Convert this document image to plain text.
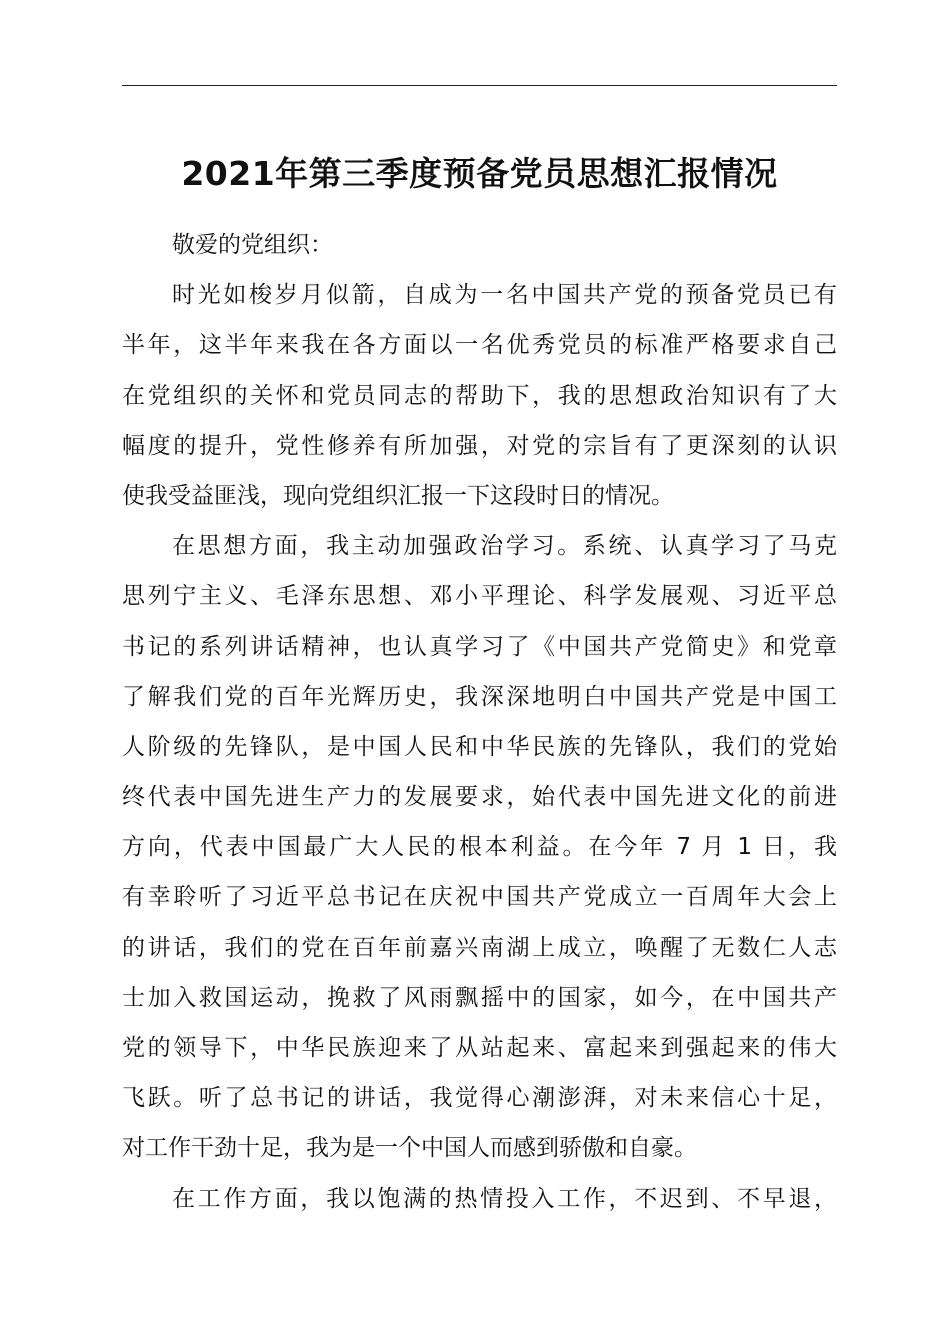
2021年第三季度预备党员思想汇报情况
敬爱的党组织：
时光如梭岁月似箭，自成为一名中国共产党的预备党员已有
半年，这半年来我在各方面以一名优秀党员的标准严格要求自己
在党组织的关怀和党员同志的帮助下，我的思想政治知识有了大
幅度的提升，党性修养有所加强，对党的宗旨有了更深刻的认识
使我受益匪浅，现向党组织汇报一下这段时日的情况。
在思想方面，我主动加强政治学习。系统、认真学习了马克
思列宁主义、毛泽东思想、邓小平理论、科学发展观、习近平总
书记的系列讲话精神，也认真学习了《中国共产党简史》和党章
了解我们党的百年光辉历史，我深深地明白中国共产党是中国工
人阶级的先锋队，是中国人民和中华民族的先锋队，我们的党始
终代表中国先进生产力的发展要求，始代表中国先进文化的前进
方向，代表中国最广大人民的根本利益。在今年 7 月 1 日，我
有幸聆听了习近平总书记在庆祝中国共产党成立一百周年大会上
的讲话，我们的党在百年前嘉兴南湖上成立，唤醒了无数仁人志
士加入救国运动，挽救了风雨飘摇中的国家，如今，在中国共产
党的领导下，中华民族迎来了从站起来、富起来到强起来的伟大
飞跃。听了总书记的讲话，我觉得心潮澎湃，对未来信心十足，
对工作干劲十足，我为是一个中国人而感到骄傲和自豪。
在工作方面，我以饱满的热情投入工作，不迟到、不早退，
